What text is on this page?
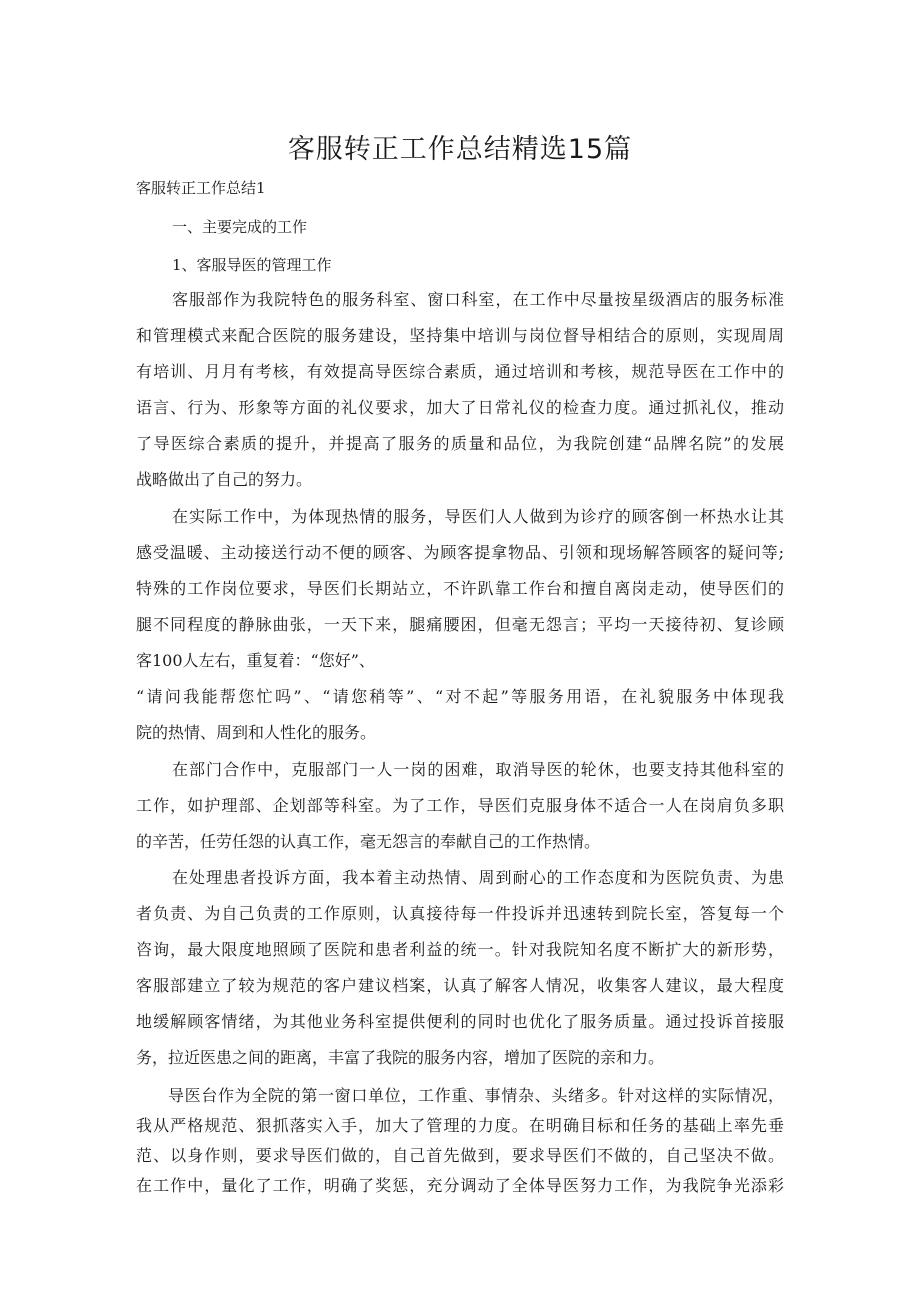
客服转正工作总结精选15篇
客服转正工作总结1
一、主要完成的工作
1、客服导医的管理工作
客服部作为我院特色的服务科室、窗口科室，在工作中尽量按星级酒店的服务标准
和管理模式来配合医院的服务建设，坚持集中培训与岗位督导相结合的原则，实现周周
有培训、月月有考核，有效提高导医综合素质，通过培训和考核，规范导医在工作中的
语言、行为、形象等方面的礼仪要求，加大了日常礼仪的检查力度。通过抓礼仪，推动
了导医综合素质的提升，并提高了服务的质量和品位，为我院创建“品牌名院”的发展
战略做出了自己的努力。
在实际工作中，为体现热情的服务，导医们人人做到为诊疗的顾客倒一杯热水让其
感受温暖、主动接送行动不便的顾客、为顾客提拿物品、引领和现场解答顾客的疑问等;
特殊的工作岗位要求，导医们长期站立，不许趴靠工作台和擅自离岗走动，使导医们的
腿不同程度的静脉曲张，一天下来，腿痛腰困，但毫无怨言；平均一天接待初、复诊顾
客100人左右，重复着：“您好”、
“请问我能帮您忙吗”、“请您稍等”、“对不起”等服务用语，在礼貌服务中体现我
院的热情、周到和人性化的服务。
在部门合作中，克服部门一人一岗的困难，取消导医的轮休，也要支持其他科室的
工作，如护理部、企划部等科室。为了工作，导医们克服身体不适合一人在岗肩负多职
的辛苦，任劳任怨的认真工作，毫无怨言的奉献自己的工作热情。
在处理患者投诉方面，我本着主动热情、周到耐心的工作态度和为医院负责、为患
者负责、为自己负责的工作原则，认真接待每一件投诉并迅速转到院长室，答复每一个
咨询，最大限度地照顾了医院和患者利益的统一。针对我院知名度不断扩大的新形势，
客服部建立了较为规范的客户建议档案，认真了解客人情况，收集客人建议，最大程度
地缓解顾客情绪，为其他业务科室提供便利的同时也优化了服务质量。通过投诉首接服
务，拉近医患之间的距离，丰富了我院的服务内容，增加了医院的亲和力。
导医台作为全院的第一窗口单位，工作重、事情杂、头绪多。针对这样的实际情况，
我从严格规范、狠抓落实入手，加大了管理的力度。在明确目标和任务的基础上率先垂
范、以身作则，要求导医们做的，自己首先做到，要求导医们不做的，自己坚决不做。
在工作中，量化了工作，明确了奖惩，充分调动了全体导医努力工作，为我院争光添彩
